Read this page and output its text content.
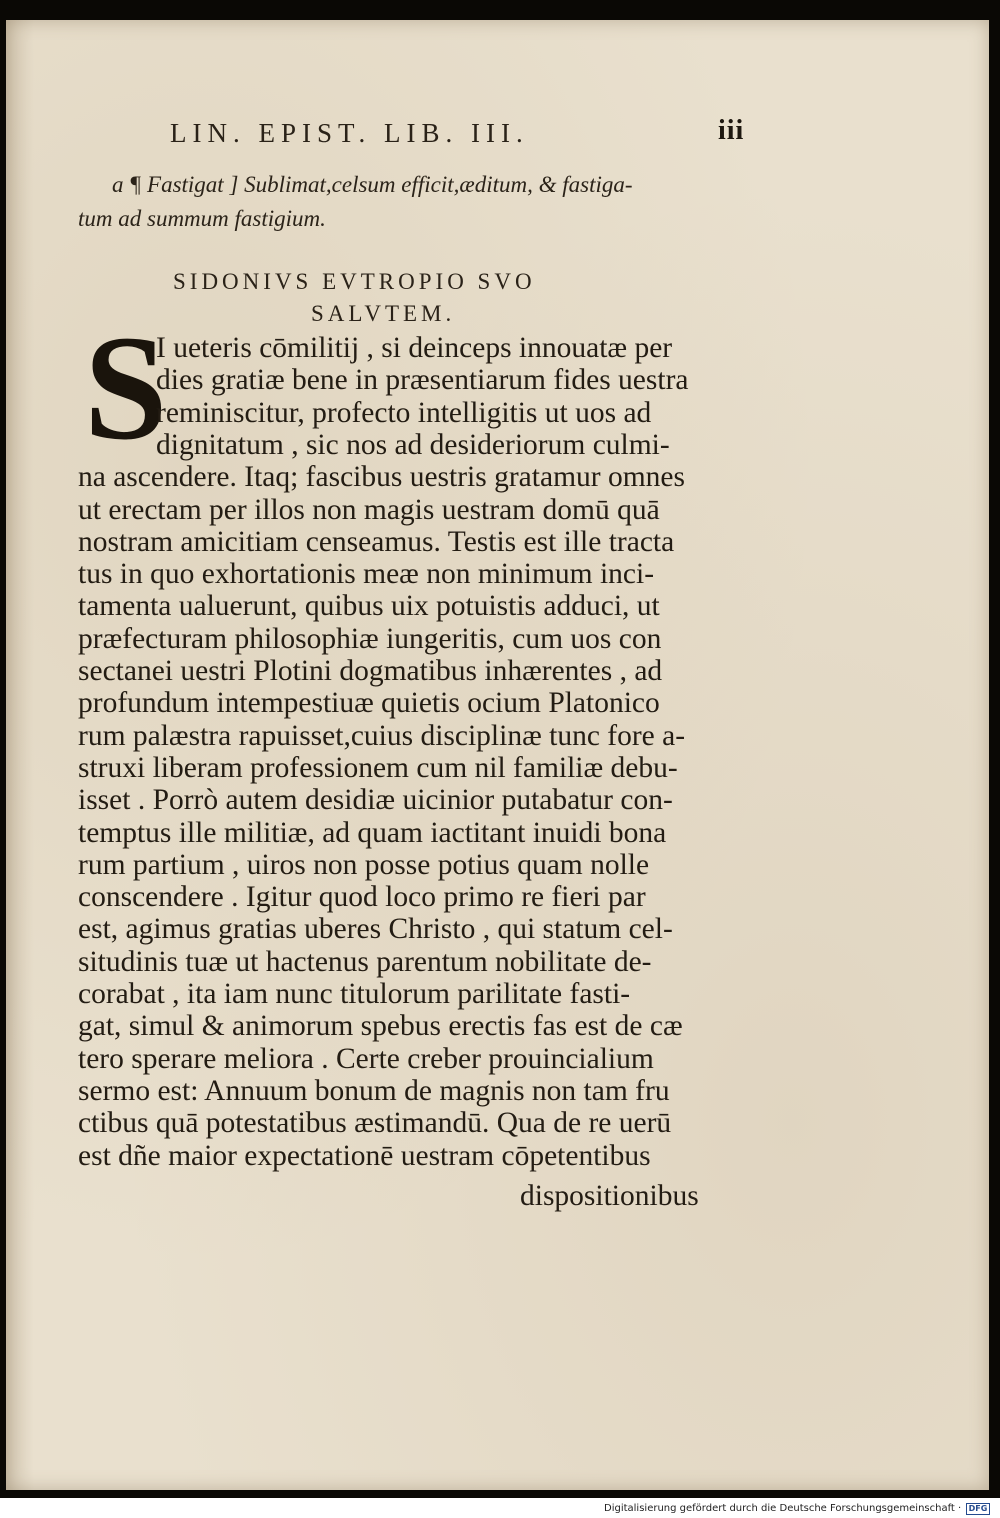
LIN. EPIST. LIB. III.	iii
a ¶ Fastigat ] Sublimat,celsum efficit,æditum, & fastiga-
tum ad summum fastigium.
SIDONIVS EVTROPIO SVO
SALVTEM.
S
I ueteris cōmilitij , si deinceps innouatæ per
dies gratiæ bene in præsentiarum fides uestra
reminiscitur, profecto intelligitis ut uos ad
dignitatum , sic nos ad desideriorum culmi-
na ascendere. Itaq; fascibus uestris gratamur omnes
ut erectam per illos non magis uestram domū quā
nostram amicitiam censeamus. Testis est ille tracta
tus in quo exhortationis meæ non minimum inci-
tamenta ualuerunt, quibus uix potuistis adduci, ut
præfecturam philosophiæ iungeritis, cum uos con
sectanei uestri Plotini dogmatibus inhærentes , ad
profundum intempestiuæ quietis ocium Platonico
rum palæstra rapuisset,cuius disciplinæ tunc fore a-
struxi liberam professionem cum nil familiæ debu-
isset . Porrò autem desidiæ uicinior putabatur con-
temptus ille militiæ, ad quam iactitant inuidi bona
rum partium , uiros non posse potius quam nolle
conscendere . Igitur quod loco primo re fieri par
est, agimus gratias uberes Christo , qui statum cel-
situdinis tuæ ut hactenus parentum nobilitate de-
corabat , ita iam nunc titulorum parilitate fasti-
gat, simul & animorum spebus erectis fas est de cæ
tero sperare meliora . Certe creber prouincialium
sermo est: Annuum bonum de magnis non tam fru
ctibus quā potestatibus æstimandū. Qua de re uerū
est dñe maior expectationē uestram cōpetentibus
dispositionibus
Digitalisierung gefördert durch die Deutsche Forschungsgemeinschaft · DFG
